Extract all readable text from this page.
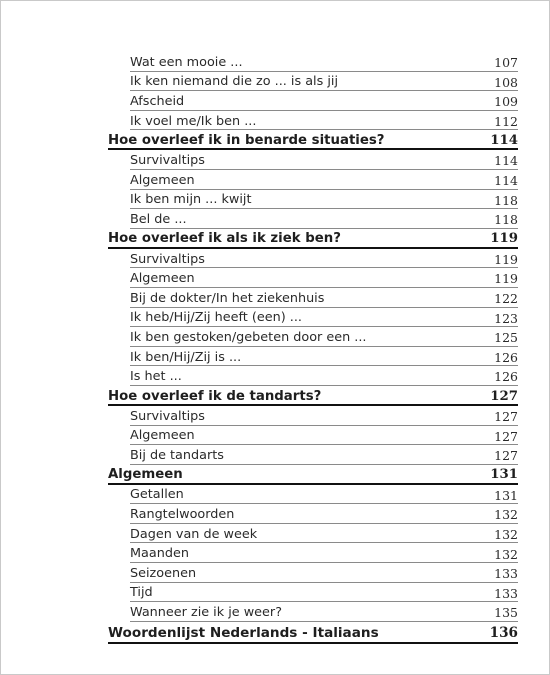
Wat een mooie ...	107
Ik ken niemand die zo ... is als jij	108
Afscheid	109
Ik voel me/Ik ben ...	112
Hoe overleef ik in benarde situaties?	114
Survivaltips	114
Algemeen	114
Ik ben mijn ... kwijt	118
Bel de ...	118
Hoe overleef ik als ik ziek ben?	119
Survivaltips	119
Algemeen	119
Bij de dokter/In het ziekenhuis	122
Ik heb/Hij/Zij heeft (een) ...	123
Ik ben gestoken/gebeten door een ...	125
Ik ben/Hij/Zij is ...	126
Is het ...	126
Hoe overleef ik de tandarts?	127
Survivaltips	127
Algemeen	127
Bij de tandarts	127
Algemeen	131
Getallen	131
Rangtelwoorden	132
Dagen van de week	132
Maanden	132
Seizoenen	133
Tijd	133
Wanneer zie ik je weer?	135
Woordenlijst Nederlands - Italiaans	136
